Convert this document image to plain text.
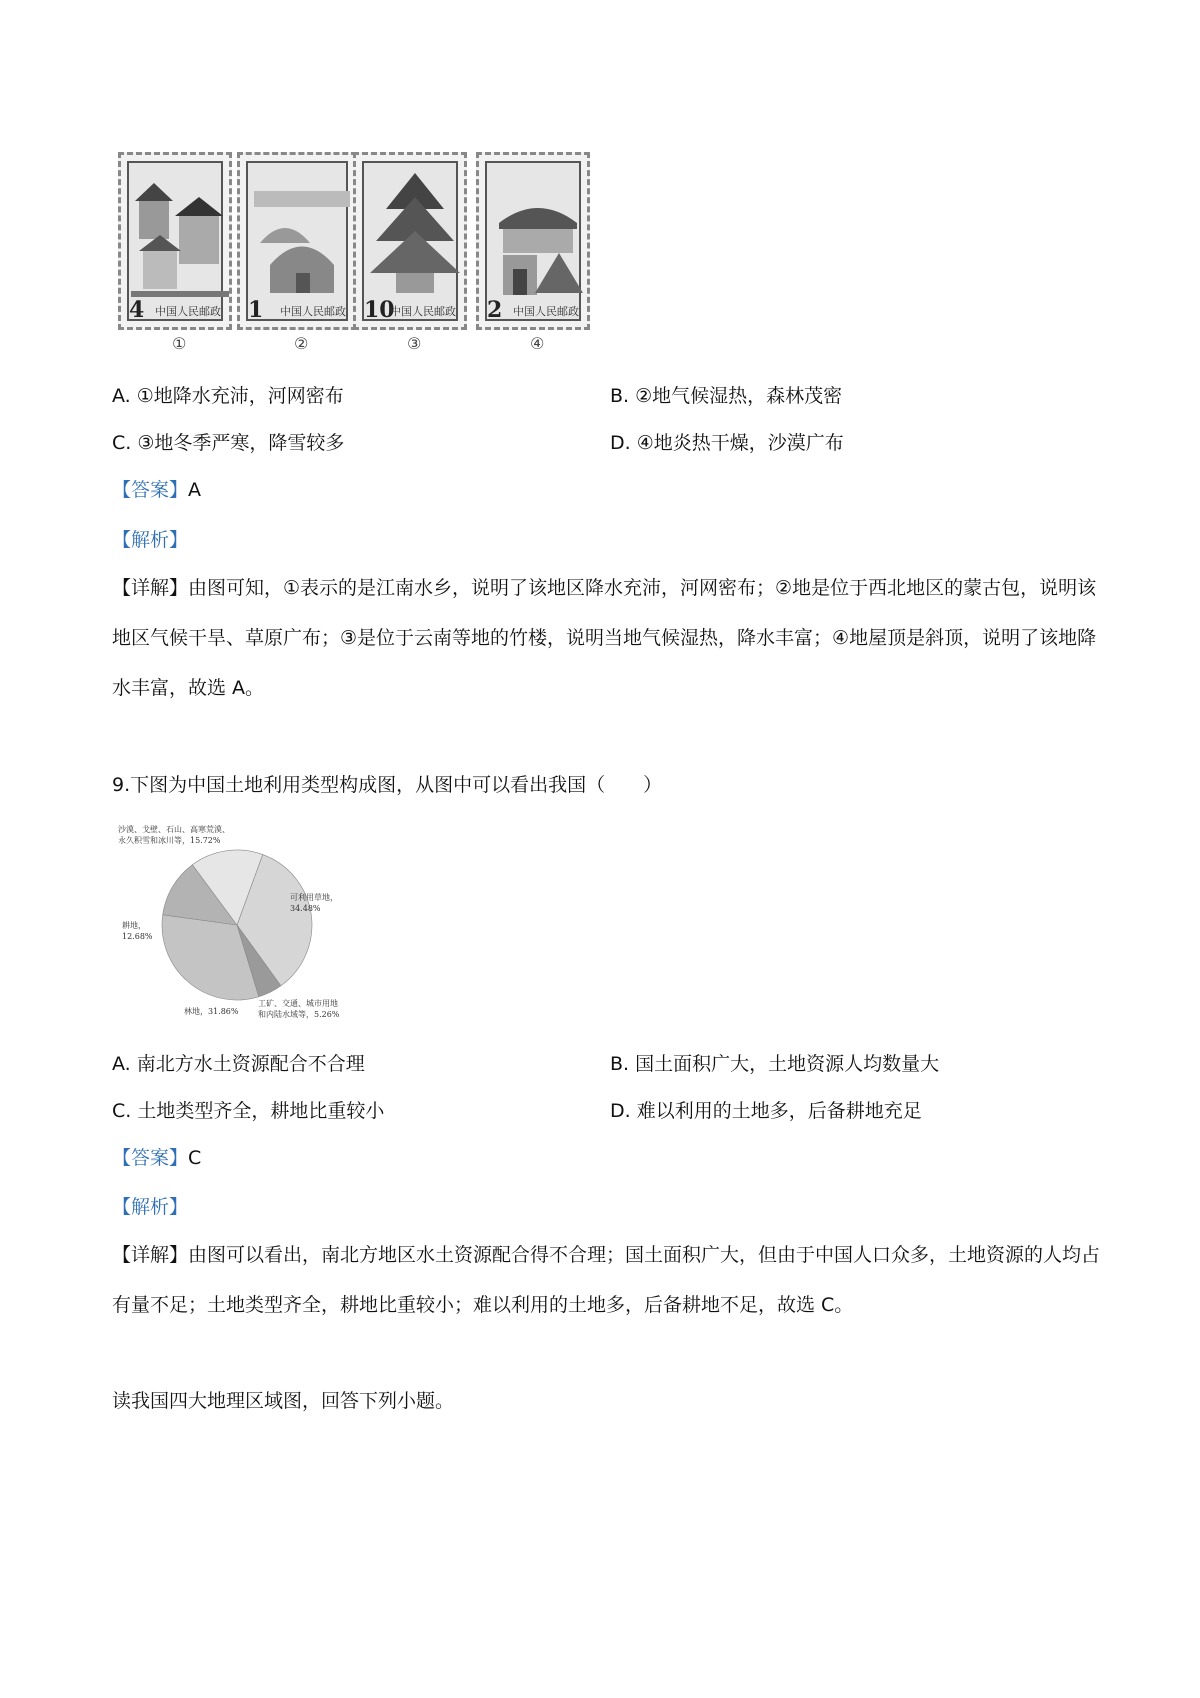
4 中国人民邮政 1 中国人民邮政 10
中国人民邮政 2 中国人民邮政
①	②	③	④
A. ①地降水充沛，河网密布	B. ②地气候湿热，森林茂密
C. ③地冬季严寒，降雪较多	D. ④地炎热干燥，沙漠广布
【答案】A
【解析】
【详解】由图可知，①表示的是江南水乡，说明了该地区降水充沛，河网密布；②地是位于西北地区的蒙古包，说明该地区气候干旱、草原广布；③是位于云南等地的竹楼，说明当地气候湿热，降水丰富；④地屋顶是斜顶，说明了该地降水丰富，故选 A。
9.下图为中国土地利用类型构成图，从图中可以看出我国（　　）
沙漠、戈壁、石山、高寒荒漠、
永久积雪和冰川等，15.72%
可利用草地，
34.48%
耕地，
12.68%
林地，31.86%
工矿、交通、城市用地
和内陆水域等，5.26%
A. 南北方水土资源配合不合理	B. 国土面积广大，土地资源人均数量大
C. 土地类型齐全，耕地比重较小	D. 难以利用的土地多，后备耕地充足
【答案】C
【解析】
【详解】由图可以看出，南北方地区水土资源配合得不合理；国土面积广大，但由于中国人口众多，土地资源的人均占有量不足；土地类型齐全，耕地比重较小；难以利用的土地多，后备耕地不足，故选 C。
读我国四大地理区域图，回答下列小题。
